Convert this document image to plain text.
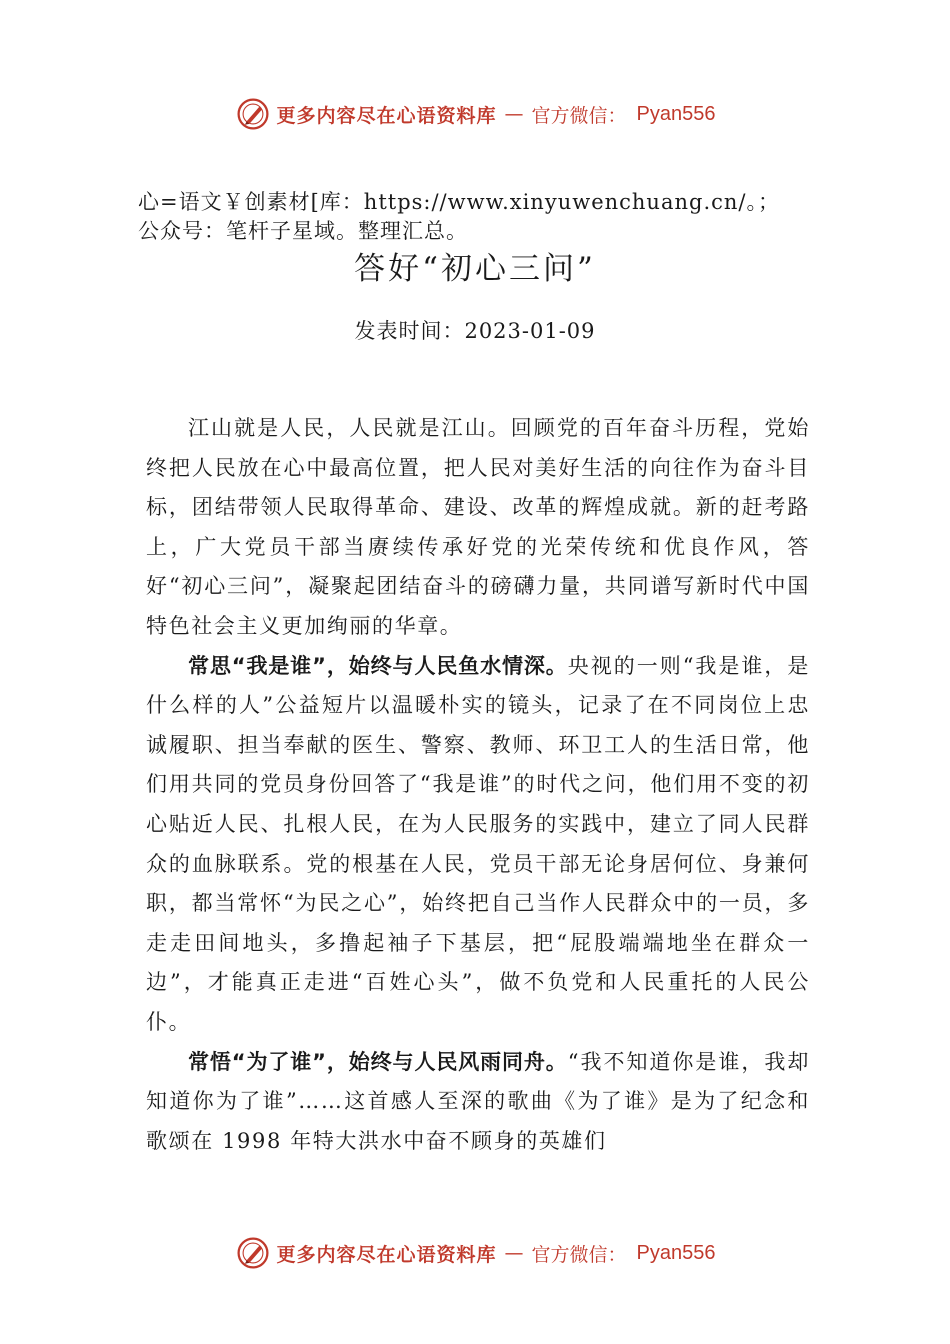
更多内容尽在心语资料库 — 官方微信： Pyan556
心=语文￥创素材[库：https://www.xinyuwenchuang.cn/。；
公众号：笔杆子星域。整理汇总。
答好“初心三问”
发表时间：2023-01-09

江山就是人民，人民就是江山。回顾党的百年奋斗历程，党始终把人民放在心中最高位置，把人民对美好生活的向往作为奋斗目标，团结带领人民取得革命、建设、改革的辉煌成就。新的赶考路上，广大党员干部当赓续传承好党的光荣传统和优良作风，答好“初心三问”，凝聚起团结奋斗的磅礴力量，共同谱写新时代中国特色社会主义更加绚丽的华章。

常思“我是谁”，始终与人民鱼水情深。央视的一则“我是谁，是什么样的人”公益短片以温暖朴实的镜头，记录了在不同岗位上忠诚履职、担当奉献的医生、警察、教师、环卫工人的生活日常，他们用共同的党员身份回答了“我是谁”的时代之问，他们用不变的初心贴近人民、扎根人民，在为人民服务的实践中，建立了同人民群众的血脉联系。党的根基在人民，党员干部无论身居何位、身兼何职，都当常怀“为民之心”，始终把自己当作人民群众中的一员，多走走田间地头，多撸起袖子下基层，把“屁股端端地坐在群众一边”，才能真正走进“百姓心头”，做不负党和人民重托的人民公仆。

常悟“为了谁”，始终与人民风雨同舟。“我不知道你是谁，我却知道你为了谁”……这首感人至深的歌曲《为了谁》是为了纪念和歌颂在 1998 年特大洪水中奋不顾身的英雄们

更多内容尽在心语资料库 — 官方微信： Pyan556
